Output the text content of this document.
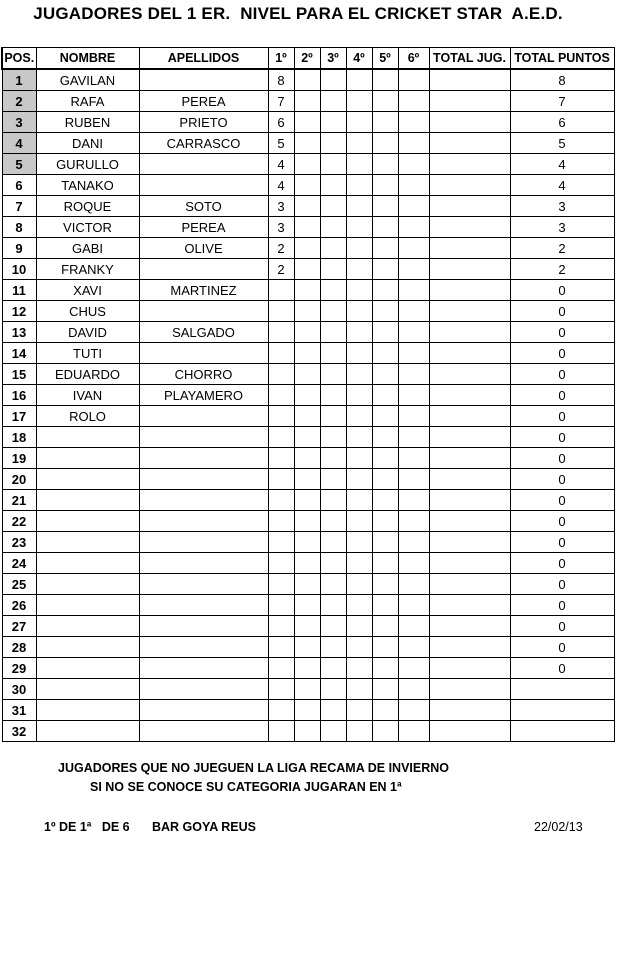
JUGADORES DEL 1 ER.  NIVEL PARA EL CRICKET STAR  A.E.D.
POS.	NOMBRE	APELLIDOS	1º	2º	3º	4º	5º	6º	TOTAL JUG.	TOTAL PUNTOS
1	GAVILAN		8							8
2	RAFA	PEREA	7							7
3	RUBEN	PRIETO	6							6
4	DANI	CARRASCO	5							5
5	GURULLO		4							4
6	TANAKO		4							4
7	ROQUE	SOTO	3							3
8	VICTOR	PEREA	3							3
9	GABI	OLIVE	2							2
10	FRANKY		2							2
11	XAVI	MARTINEZ								0
12	CHUS									0
13	DAVID	SALGADO								0
14	TUTI									0
15	EDUARDO	CHORRO								0
16	IVAN	PLAYAMERO								0
17	ROLO									0
18										0
19										0
20										0
21										0
22										0
23										0
24										0
25										0
26										0
27										0
28										0
29										0
30										
31										
32										
JUGADORES QUE NO JUEGUEN LA LIGA RECAMA DE INVIERNO
SI NO SE CONOCE SU CATEGORIA JUGARAN EN 1ª
1º DE 1ª   DE 6 BAR GOYA REUS	22/02/13
